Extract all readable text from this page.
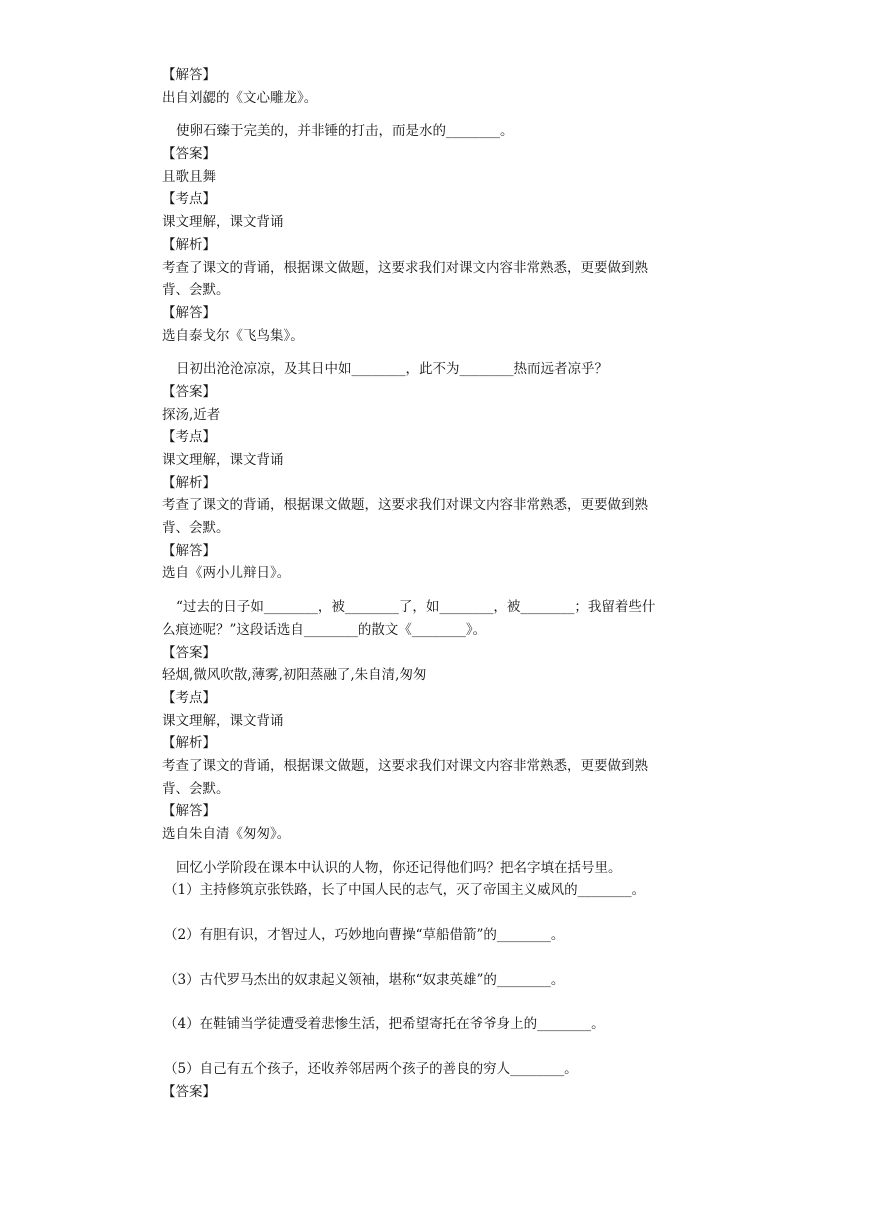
【解答】
出自刘勰的《文心雕龙》。
使卵石臻于完美的，并非锤的打击，而是水的________。
【答案】
且歌且舞
【考点】
课文理解，课文背诵
【解析】
考查了课文的背诵，根据课文做题，这要求我们对课文内容非常熟悉，更要做到熟
背、会默。
【解答】
选自泰戈尔《飞鸟集》。
日初出沧沧凉凉，及其日中如________，此不为________热而远者凉乎？
【答案】
探汤,近者
【考点】
课文理解，课文背诵
【解析】
考查了课文的背诵，根据课文做题，这要求我们对课文内容非常熟悉，更要做到熟
背、会默。
【解答】
选自《两小儿辩日》。
“过去的日子如________，被________了，如________，被________；我留着些什
么痕迹呢？”这段话选自________的散文《________》。
【答案】
轻烟,微风吹散,薄雾,初阳蒸融了,朱自清,匆匆
【考点】
课文理解，课文背诵
【解析】
考查了课文的背诵，根据课文做题，这要求我们对课文内容非常熟悉，更要做到熟
背、会默。
【解答】
选自朱自清《匆匆》。
回忆小学阶段在课本中认识的人物，你还记得他们吗？把名字填在括号里。
（1）主持修筑京张铁路，长了中国人民的志气，灭了帝国主义威风的________。
（2）有胆有识，才智过人，巧妙地向曹操“草船借箭”的________。
（3）古代罗马杰出的奴隶起义领袖，堪称“奴隶英雄”的________。
（4）在鞋铺当学徒遭受着悲惨生活，把希望寄托在爷爷身上的________。
（5）自己有五个孩子，还收养邻居两个孩子的善良的穷人________。
【答案】
